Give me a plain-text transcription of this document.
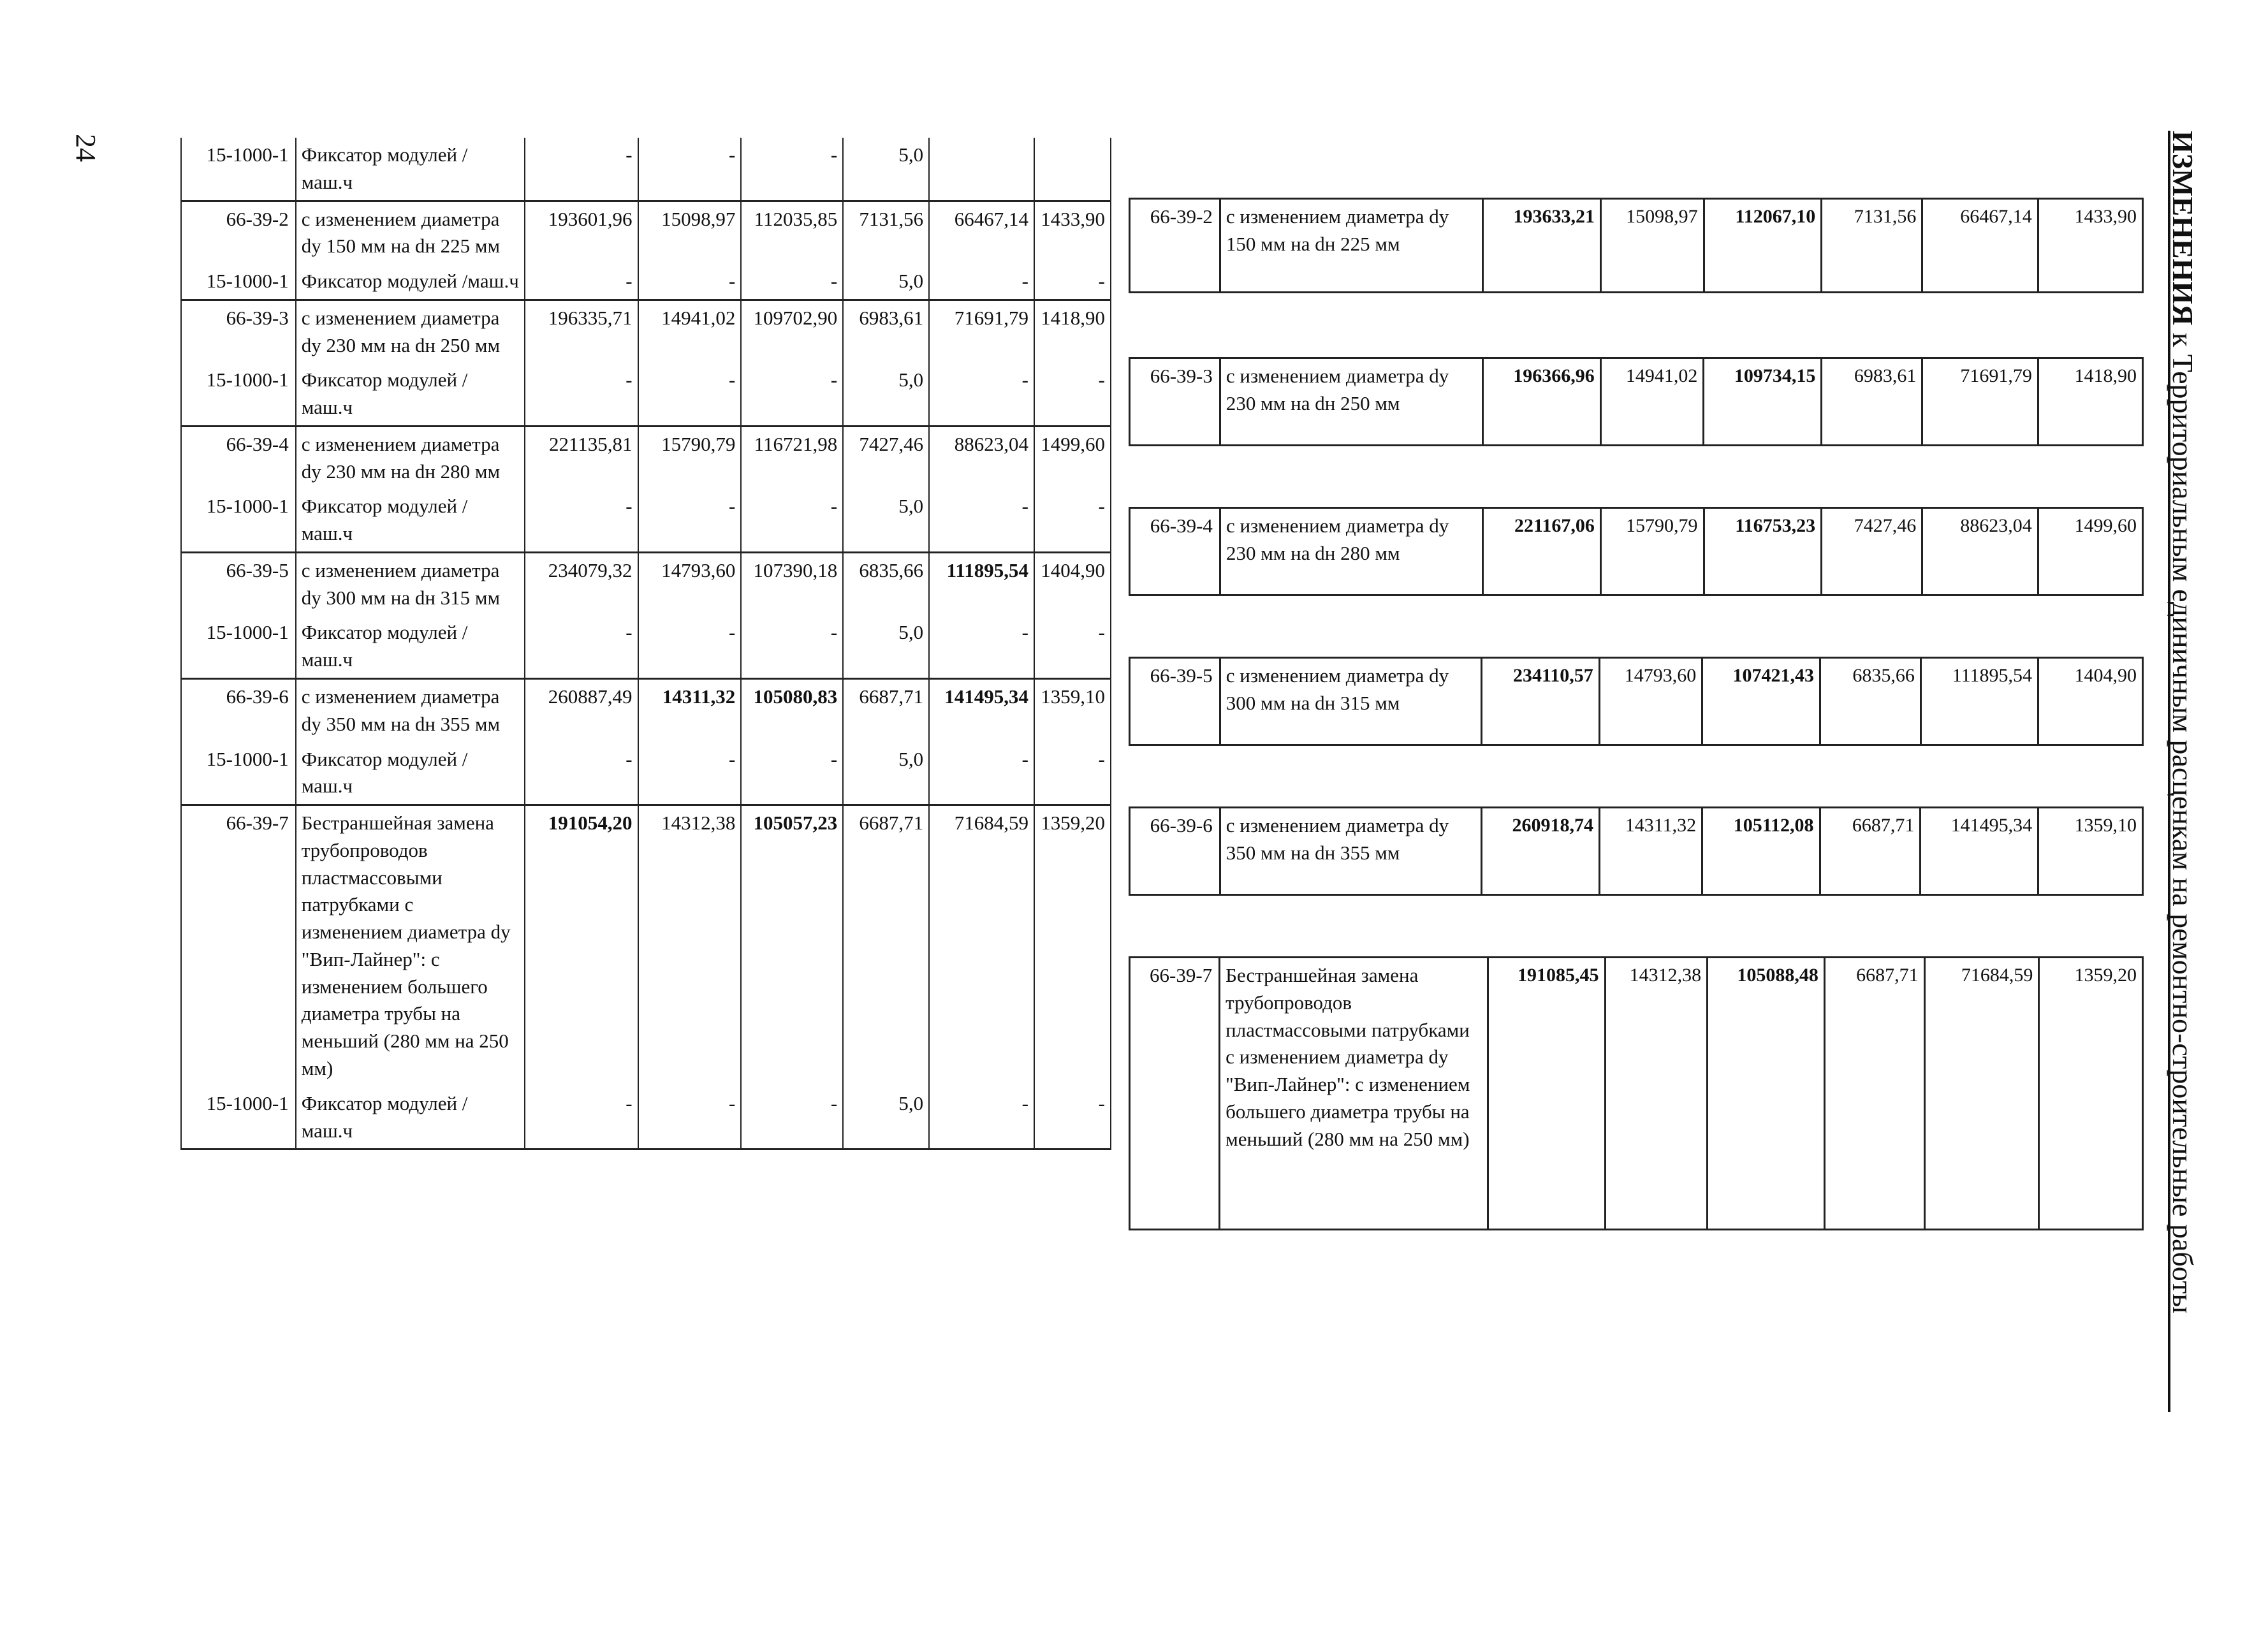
24	ИЗМЕНЕНИЯ к Территориальным единичным расценкам на ремонтно-строительные работы
15-1000-1	Фиксатор модулей / маш.ч	-	-	-	5,0		
66-39-2	с изменением диаметра dу 150 мм на dн 225 мм	193601,96	15098,97	112035,85	7131,56	66467,14	1433,90
15-1000-1	Фиксатор модулей /маш.ч	-	-	-	5,0	-	-
66-39-3	с изменением диаметра dу 230 мм на dн 250 мм	196335,71	14941,02	109702,90	6983,61	71691,79	1418,90
15-1000-1	Фиксатор модулей / маш.ч	-	-	-	5,0	-	-
66-39-4	с изменением диаметра dу 230 мм на dн 280 мм	221135,81	15790,79	116721,98	7427,46	88623,04	1499,60
15-1000-1	Фиксатор модулей / маш.ч	-	-	-	5,0	-	-
66-39-5	с изменением диаметра dу 300 мм на dн 315 мм	234079,32	14793,60	107390,18	6835,66	111895,54	1404,90
15-1000-1	Фиксатор модулей / маш.ч	-	-	-	5,0	-	-
66-39-6	с изменением диаметра dу 350 мм на dн 355 мм	260887,49	14311,32	105080,83	6687,71	141495,34	1359,10
15-1000-1	Фиксатор модулей / маш.ч	-	-	-	5,0	-	-
66-39-7	Бестраншейная замена трубопроводов пластмассовыми патрубками с изменением диаметра dу "Вип-Лайнер": с изменением большего диаметра трубы на меньший (280 мм на 250 мм)	191054,20	14312,38	105057,23	6687,71	71684,59	1359,20
15-1000-1	Фиксатор модулей / маш.ч	-	-	-	5,0	-	-
66-39-2	с изменением диаметра dу 150 мм на dн 225 мм	193633,21	15098,97	112067,10	7131,56	66467,14	1433,90
66-39-3	с изменением диаметра dу 230 мм на dн 250 мм	196366,96	14941,02	109734,15	6983,61	71691,79	1418,90
66-39-4	с изменением диаметра dу 230 мм на dн 280 мм	221167,06	15790,79	116753,23	7427,46	88623,04	1499,60
66-39-5	с изменением диаметра dу 300 мм на dн 315 мм	234110,57	14793,60	107421,43	6835,66	111895,54	1404,90
66-39-6	с изменением диаметра dу 350 мм на dн 355 мм	260918,74	14311,32	105112,08	6687,71	141495,34	1359,10
66-39-7	Бестраншейная замена трубопроводов пластмассовыми патрубками с изменением диаметра dу "Вип-Лайнер": с изменением большего диаметра трубы на меньший (280 мм на 250 мм)	191085,45	14312,38	105088,48	6687,71	71684,59	1359,20
